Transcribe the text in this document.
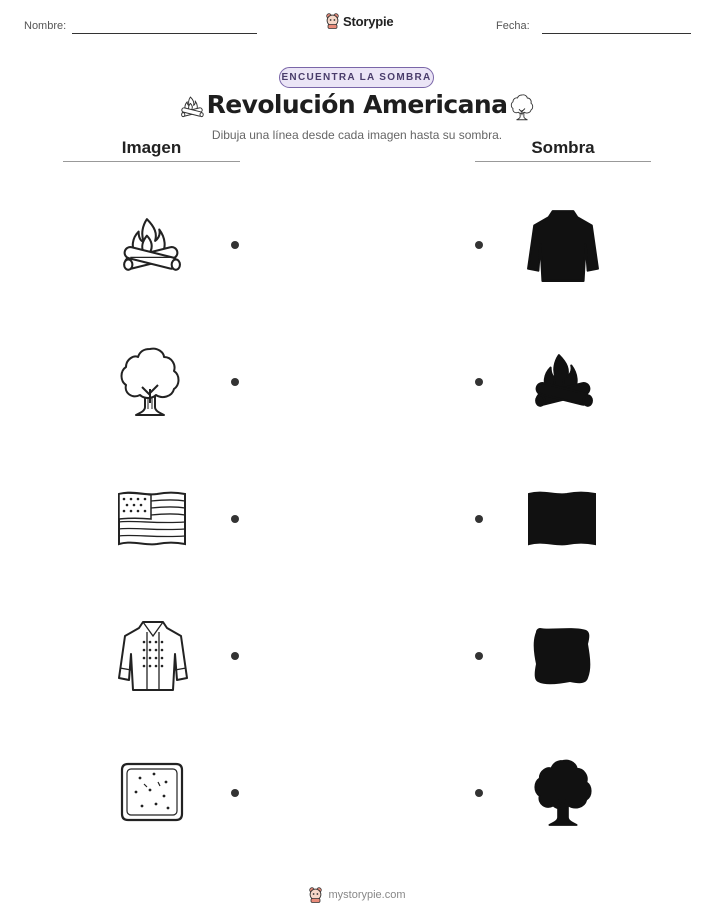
Nombre:	Storypie	Fecha:
ENCUENTRA LA SOMBRA
Revolución Americana
Dibuja una línea desde cada imagen hasta su sombra.
Imagen	Sombra
mystorypie.com
